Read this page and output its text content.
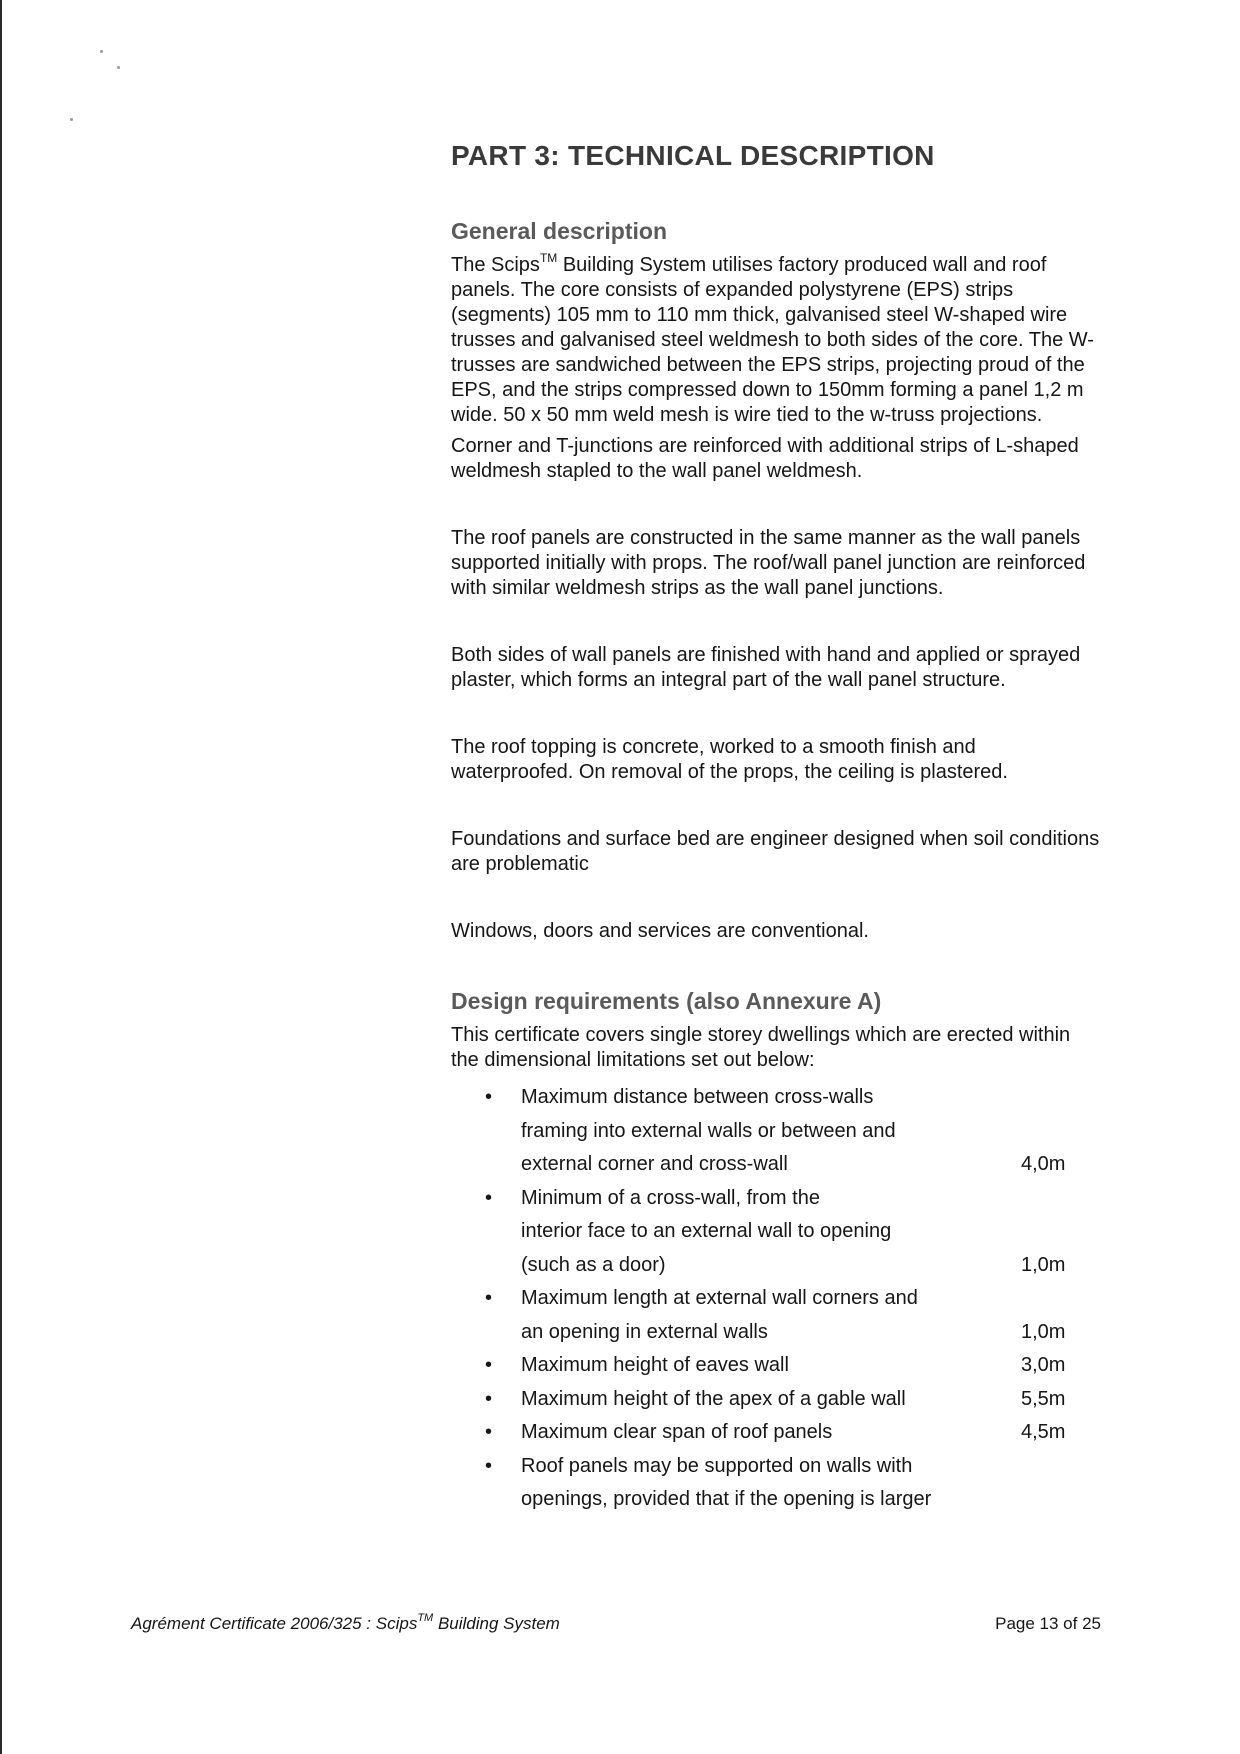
PART 3: TECHNICAL DESCRIPTION
General description

The Scips™ Building System utilises factory produced wall and roof panels. The core consists of expanded polystyrene (EPS) strips (segments) 105 mm to 110 mm thick, galvanised steel W-shaped wire trusses and galvanised steel weldmesh to both sides of the core. The W-trusses are sandwiched between the EPS strips, projecting proud of the EPS, and the strips compressed down to 150mm forming a panel 1,2 m wide. 50 x 50 mm weld mesh is wire tied to the w-truss projections.

Corner and T-junctions are reinforced with additional strips of L-shaped weldmesh stapled to the wall panel weldmesh.

The roof panels are constructed in the same manner as the wall panels supported initially with props. The roof/wall panel junction are reinforced with similar weldmesh strips as the wall panel junctions.

Both sides of wall panels are finished with hand and applied or sprayed plaster, which forms an integral part of the wall panel structure.

The roof topping is concrete, worked to a smooth finish and waterproofed. On removal of the props, the ceiling is plastered.

Foundations and surface bed are engineer designed when soil conditions are problematic

Windows, doors and services are conventional.

Design requirements (also Annexure A)

This certificate covers single storey dwellings which are erected within the dimensional limitations set out below:

• Maximum distance between cross-walls
framing into external walls or between and
external corner and cross-wall	4,0m
• Minimum of a cross-wall, from the
interior face to an external wall to opening
(such as a door)	1,0m
• Maximum length at external wall corners and
an opening in external walls	1,0m
• Maximum height of eaves wall	3,0m
• Maximum height of the apex of a gable wall	5,5m
• Maximum clear span of roof panels	4,5m
• Roof panels may be supported on walls with
openings, provided that if the opening is larger
Agrément Certificate 2006/325 : Scips™ Building System	Page 13 of 25
